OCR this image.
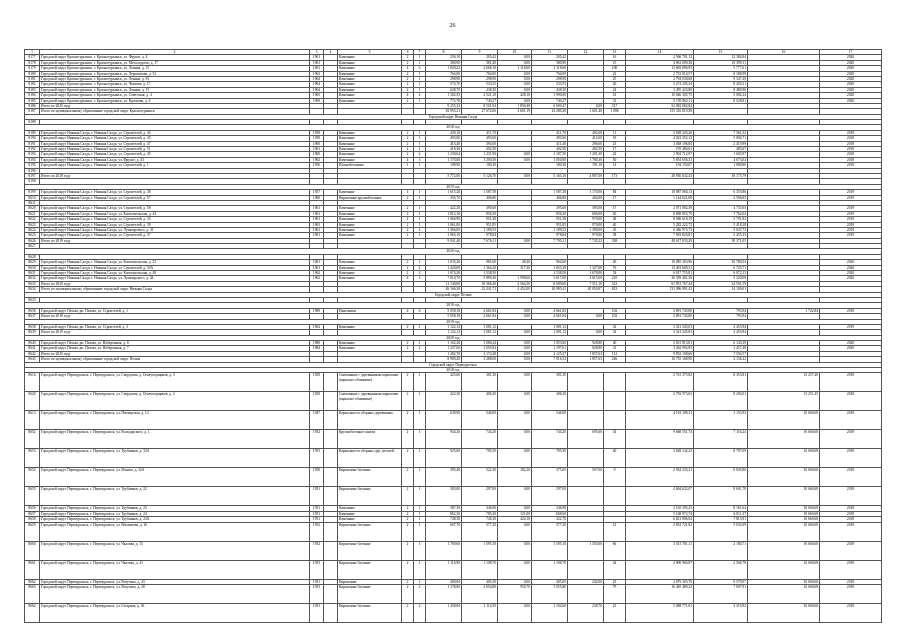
26
1	2	3	4	5	6	7	8	9	10	11	12	13	14	15	16	17
8177	Городской округ Краснотурьинск, г. Краснотурьинск, ул. Фрунзе, д. 4	1961		Каменные	2	1	236,10	205,42	0,00	205,42		16	2 566 701,12	12 384,84		2020
8178	Городской округ Краснотурьинск, г. Краснотурьинск, ул. Металлургов, д. 17	1961		Каменные	2	1	380,90	381,40	0,00	380,90		15	3 961 009,38	10 399,11		2020
8179	Городской округ Краснотурьинск, г. Краснотурьинск, ул. Ленина, д. 15	1961		Каменные	4	3	1 829,22	2 668,10	1 118,60	1 118,60		100	12 665 896,93	5 777,61		2020
8180	Городской округ Краснотурьинск, г. Краснотурьинск, ул. Лермонтова, д. 52	1962		Каменные	2	1	764,00	764,00	0,00	764,00		22	2 752 014,57	8 188,98		2020
8181	Городской округ Краснотурьинск, г. Краснотурьинск, ул. Ленина, д. 81	1964		Каменные	2	1	298,90	298,90	0,00	298,90		25	2 794 038,68	9 347,49		2020
8182	Городской округ Краснотурьинск, г. Краснотурьинск, ул. Чкалова, д. 17	1964		Каменные	2	1	574,70	533,55	0,00	533,55		20	3 274 205,34	8 450,21		2020
8183	Городской округ Краснотурьинск, г. Краснотурьинск, ул. Ленина, д. 15	1964		Каменные	2	1	628,70	438,30	0,00	438,30		24	3 495 423,80	8 489,96		2020
8184	Городской округ Краснотурьинск, г. Краснотурьинск, ул. Советская, д. 4	1965		Каменные	4	4	1 302,53	2 521,10	428,10	1 990,00		61	10 046 305,75	5 082,24		2020
8185	Городской округ Краснотурьинск, г. Краснотурьинск, ул. Краснова, д. 6	1969		Каменные	2	1	772,78	740,27	0,00	740,27		31	5 195 862,11	8 528,81		2020
8186	Итого по 2020 году						9 255,33	8 501,94	1 850,40	6 600,47	0,00	317	52 082 082,84			
8187	Итого по муниципальному образованию городской округ Краснотурьинск						29 993,21	27 672,60	3 601,19	23 280,20	1 601,40	1 086	155 316 819,58			
Городской округ Нижняя Салда																
8188																
2018 год																
8189	Городской округ Нижняя Салда, г. Нижняя Салда, ул. Строителей, д. 44	1958		Каменные	2	1	430,10	411,70		411,70	402,60	11	3 028 443,26	7 561,32		2018
8190	Городской округ Нижняя Салда, г. Нижняя Салда, ул. Строителей, д. 45	1958		Каменные	2	1	493,00	493,60		493,60	412,60	18	4 023 352,13	5 094,71		2018
8191	Городской округ Нижняя Салда, г. Нижняя Салда, ул. Строителей, д. 47	1960		Каменные	2	1	413,40	394,60		411,40	296,60	23	3 048 196,84	2 419,99		2018
8192	Городской округ Нижняя Салда, г. Нижняя Салда, ул. Строителей, д. 51	1961		Каменные	2	1	418,30	402,50		402,50	402,50	17	195 484,61	485,67		2018
8193	Городской округ Нижняя Салда, г. Нижняя Салда, ул. Строителей, д. 45	1960		Каменные	2	2	1 230,64	1 231,90	0,00	1 187,50	1 201,30	42	1 904 712,97	1 603,97		2018
8194	Городской округ Нижняя Салда, г. Нижняя Салда, ул. Фрунзе, д. 43	1962		Каменные	4	3	1 170,00	1 200,50	0,00	1 050,00	1 780,30	50	5 854 656,31	4 673,02		2018
8195	Городской округ Нижняя Салда, г. Нижняя Салда, ул. Строителей, д. 1	1956		Шлакобетонные	1	1	198,90	180,30		180,30	191,10	14	194 150,07	1 080,80		2018
8196																
8197	Итого по 2018 году						5 772,00	5 126,70	0,00	5 163,10	4 807,00	173	20 930 632,43	18 175,79		
8198																
2019 год																
8199	Городской округ Нижняя Салда, г. Нижняя Салда, ул. Строителей, д. 38	1957		Каменные	4	1	1 615,20	1 587,58		1 587,49	1 170,00	84	10 087 060,13	6 355,86		2019
8610	Городской округ Нижняя Салда, г. Нижняя Салда, ул. Строителей, д. 57	1960		Кирпичные крупноблочные	2	1	435,70	406,80		406,80	404,00	17	1 144 621,08	2 596,85		2019
8611																
8620	Городской округ Нижняя Салда, г. Нижняя Салда, ул. Строителей, д. 58	1961		Каменные	2	1	422,20	395,60		395,60	395,00	17	2 071 082,39	4 735,05		2019
8621	Городской округ Нижняя Салда, г. Нижняя Салда, ул. Комсомольская, д. 44	1961		Каменные	2	1	1 012,10	856,30		856,30	696,00	40	8 808 855,79	7 762,04		2019
8622	Городской округ Нижняя Салда, г. Нижняя Салда, ул. Строителей, д. 33	1961		Каменные	2	1	1 066,90	951,30		951,30	970,00	48	8 586 618,19	5 791,82		2019
8623	Городской округ Нижняя Салда, г. Нижняя Салда, ул. Строителей, д. 39	1961		Каменные	2	1	1 061,00	951,85		951,85	970,00	40	5 282 222,73	5 418,28		2019
8624	Городской округ Нижняя Салда, г. Нижняя Салда, ул. Луначарского, д. 41	1961		Каменные	2	2	1 366,00	1 189,53		1 189,53	1 390,00	43	6 366 973,73	5 047,73		2019
8625	Городской округ Нижняя Салда, г. Нижняя Салда, ул. Строителей, д. 37	1961		Каменные	2	1	1 063,10	978,84		978,84	970,00	38	7 003 825,81	2 455,23		2019
8626	Итого по 2019 году						9 041,40	7 676,11	0,00	7 795,11	7 745,22	338	48 617 033,29	39 371,05		
8627																
2020 год																
8628																
8629	Городской округ Нижняя Салда, г. Нижняя Салда, ул. Комсомольская, д. 52	1961		Каменные	2	1	1 035,20	981,60	48,40	964,60		40	10 085 363,96	10 780,54		2020
8630	Городской округ Нижняя Салда, г. Нижняя Салда, ул. Строителей, д. 33А	1961		Каменные	2	2	1 420,00	1 364,20	317,30	1 053,20	1 327,60	76	13 401 669,31	6 725,71		2020
8631	Городской округ Нижняя Салда, г. Нижняя Салда, ул. Комсомольская, д. 48	1962		Каменные	2	2	1 674,20	1 538,50		1 538,50	1 678,00	54	6 817 755,81	6 072,13		2020
8632	Городской округ Нижняя Салда, г. Нижняя Салда, ул. Луначарского, д. 44	1962		Каменные	4	3	7 010,70	5 889,40	1 998,60	3 617,00	4 615,00	210	30 359 461,36	5 320,08		2020
8633	Итого по 2020 году						11 140,00	10 366,40	2 564,30	8 009,60	7 511,10	312	61 951 767,44	24 591,59		
8634	Итого по муниципальному образованию городской округ Нижняя Салда						26 166,30	23 241,71	2 452,00	20 985,41	20 050,97	823	131 096 991,43	14 109,01		
Городской округ Пелым																
8635																
2018 год																
8636	Городской округ Пелым, рп. Пелым, ул. Строителей, д. 1	1989		Панельные	4	6	5 058,18	4 661,84	0,00	4 661,84		102	3 891 745,80	793,94	1 722,84	2018
8637	Итого по 2018 году						5 058,18	4 661,84	0,00	4 661,84	0,00	102	3 891 745,80	793,94		
2019 год																
8638	Городской округ Пелым, рп. Пелым, ул. Строителей, д. 3	1962		Каменные	2	1	1 122,12	1 081,12		1 081,12		32	3 321 345,03	4 453,94		2019
8639	Итого по 2019 году						1 122,12	1 081,12	0,00	1 081,12	0,00	32	3 321 345,03	4 453,94		
2020 год																
8640	Городской округ Пелым, рп. Пелым, ул. Набережная, д. 8	1980		Каменные	2	1	1 162,20	1 086,44	0,00	1 053,60	928,80	40	3 651 813,81	6 143,39		2020
8641	Городской округ Пелым, рп. Пелым, ул. Набережная, д. 7	1984		Каменные	2	2	1 237,60	1 093,84	0,00	1 197,61	928,80	31	3 362 902,85	3 457,48		2020
8642	Итого по 2020 году						1 402,70	2 174,28	0,00	2 125,47	1 857,63	112	9 852 108,66	7 594,57		
8643	Итого по муниципальному образованию городской округ Пелым						8 989,20	3 288,00	0,00	7 916,52	1 857,63	246	16 755 168,90	2 136,22		
Городской округ Первоуральск																
2018 год																
8614	Городской округ Первоуральск, г. Первоуральск, ул. Свердлова, д. Огнеупорщиков, д. 3	1929		Смешанные с деревянными каркасами (каркасно-обшивные)	2	1	425,60	381,30	0,00	381,30			2 761 375,82	8 353,81	13 257,48	2018
8620	Городской округ Первоуральск, г. Первоуральск, ул. Свердлова, д. Огнеупорщиков, д. 2	1929		Смешанные с деревянными каркасами (каркасно-обшивные)	2	1	422,30	406,30	0,00	406,30			2 793 973,63	8 294,01	13 251,45	2018
8613	Городской округ Первоуральск, г. Первоуральск, ул. Пионерская, д. 12	1947		Каркасные из сборных деревянных	2	1	630,90	546,00	0,00	546,00			4 163 189,31	3 153,93	10 660,68	2018
8652	Городской округ Первоуральск, г. Первоуральск, ул. Володарского, д. 1	1952		Крупноблочные панели	2	1	934,20	744,20	0,00	744,20	695,60	34	9 668 551,74	7 116,24	10 660,68	2018
8653	Городской округ Первоуральск, г. Первоуральск, ул. Трубников, д. 32А	1955		Каркасные из сборных дер. деталей	2	1	925,60	785,50	0,00	785,50		40	3 628 142,23	8 787,09	10 660,68	2018
8654	Городской округ Первоуральск, г. Первоуральск, ул. Ильича, д. 32А	1959		Кирпичные блочные	2	1	395,40	522,30	182,20	375,00	507,00	9	2 932 333,21	6 945,80	10 660,68	2018
8655	Городской округ Первоуральск, г. Первоуральск, ул. Трубников, д. 22	1951		Кирпичные блочные	2	1	303,00	297,00	0,00	297,00			4 064 632,07	8 601,78	10 660,68	2018
8656	Городской округ Первоуральск, г. Первоуральск, ул. Трубников, д. 23	1951		Каменные	2	1	387,30	346,90	0,00	346,90			3 165 395,25	8 161,64	10 660,68	2018
8657	Городской округ Первоуральск, г. Первоуральск, ул. Трубников, д. 24	1951		Каменные	2	1	862,30	785,40	121,00	668,60			5 168 972,74	6 011,37	10 660,68	2018
8658	Городской округ Первоуральск, г. Первоуральск, ул. Трубников, д. 24А	1951		Каменные	2	1	748,30	746,30	424,10	322,70			6 821 806,04	7 813,91	10 660,68	2018
8659	Городской округ Первоуральск, г. Первоуральск, ул. Малышева, д. 16	1952		Кирпичные блочные	2	1	607,70	577,20	0,00	577,20		21	2 852 721,82	5 032,09	10 660,68	2018
8660	Городской округ Первоуральск, г. Первоуральск, ул. Чкалова, д. 15	1952		Кирпичные блочные	2	1	1 769,60	1 595,10	0,00	1 595,10	1 350,00	66	3 015 761,11	2 180,71	10 660,68	2018
8661	Городской округ Первоуральск, г. Первоуральск, ул. Чкалова, д. 41	1953		Кирпичные блочные	2	1	1 116,90	1 108,70	0,00	1 108,70		44	2 900 984,87	2 566,78	10 660,68	2018
8662	Городской округ Первоуральск, г. Первоуральск, ул. Ватутина, д. 43	1951		Кирпичные	2	1	409,00	405,30	0,00	405,00	242,00	23	2 879 303,76	9 579,07	10 660,68	2018
8663	Городской округ Первоуральск, г. Первоуральск, ул. Ватутина, д. 28	1953		Кирпичные блочные	2	2	1 178,00	2 054,80	950,70	1 055,80		79	16 465 489,22	7 007,91	10 660,68	2018
8664	Городской округ Первоуральск, г. Первоуральск, ул. Гагарина, д. 36	1953		Кирпичные блочные	2	2	1 258,00	1 114,50	0,00	1 104,60	238,70	21	5 088 771,81	4 319,92	10 660,68	2018
